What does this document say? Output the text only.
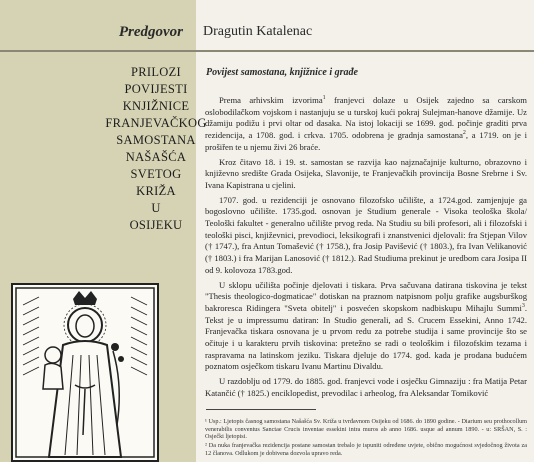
Predgovor Dragutin Katalenac
PRILOZI
POVIJESTI
KNJIŽNICE
FRANJEVAČKOG
SAMOSTANA
NAŠAŠĆA
SVETOG
KRIŽA
U
OSIJEKU
Povijest samostana, knjižnice i građe

Prema arhivskim izvorima$^1$ franjevci dolaze u Osijek zajedno sa carskom oslobodilačkom vojskom i nastanjuju se u turskoj kući pokraj Sulejman-hanove džamije. Uz džamiju podižu i prvi oltar od dasaka. Na istoj lokaciji se 1699. god. počinje graditi prva rezidencija, a 1708. god. i crkva. 1705. odobrena je gradnja samostana$^2$, a 1719. on je i prošiřen te u njemu živi 26 braće.

Kroz čitavo 18. i 19. st. samostan se razvija kao najznačajnije kulturno, obrazovno i književno središte Grada Osijeka, Slavonije, te Franjevačkih provincija Bosne Srebrne i Sv. Ivana Kapistrana u cjelini.

1707. god. u rezidenciji je osnovano filozofsko učilište, a 1724.god. zamjenjuje ga bogoslovno učilište. 1735.god. osnovan je Studium generale - Visoka teološka škola/ Teološki fakultet - generalno učilište prvog reda. Na Studiu su bili profesori, ali i filozofski i teološki pisci, književnici, prevodioci, leksikografi i znanstvenici djelovali: fra Stjepan Vilov († 1747.), fra Antun Tomašević († 1758.), fra Josip Pavišević († 1803.), fra Ivan Velikanović († 1803.) i fra Marijan Lanosović († 1812.). Rad Studiuma prekinut je uredbom cara Josipa II od 9. kolovoza 1783.god.

U sklopu učilišta počinje djelovati i tiskara. Prva sačuvana datirana tiskovina je tekst "Thesis theologico-dogmaticae" dotiskan na praznom natpisnom polju grafike augsburškog bakroresca Ridingera "Sveta obitelj" i posvećen skopskom nadbiskupu Mihajlu Summi$^3$. Tekst je u impressumu datiran: In Studio generali, ad S. Crucem Essekini, Anno 1742. Franjevačka tiskara osnovana je u prvom redu za potrebe studija i same provincije što se očituje i u karakteru prvih tiskovina: pretežno se radi o teološkim i filozofskim tezama i raspravama na latinskom jeziku. Tiskara djeluje do 1774. god. kada je prodana budućem poznatom osječkom tiskaru Ivanu Martinu Divaldu.

U razdoblju od 1779. do 1885. god. franjevci vode i osječku Gimnaziju : fra Matija Petar Katančić († 1825.) enciklopedist, prevodilac i arheolog, fra Aleksandar Tomiković

¹ Usp.: Ljetopis časnog samostana Našašća Sv. Križa u tvrđavnom Osijeku od 1686. do 1890 godine. - Diarium seu prothocollum venerabilis conventus Sanctae Crucis inventae essekini intra muros ab anno 1686. usque ad annum 1890. - u: SRŠAN, S. : Osječki ljetopisi.

² Da nuka franjevačka rezidencija postane samostan trebalo je ispuniti određene uvjete, obično mogućnost svjedočnog života za 12 članova. Odlukom je dobivena dozvola upravo reda.
